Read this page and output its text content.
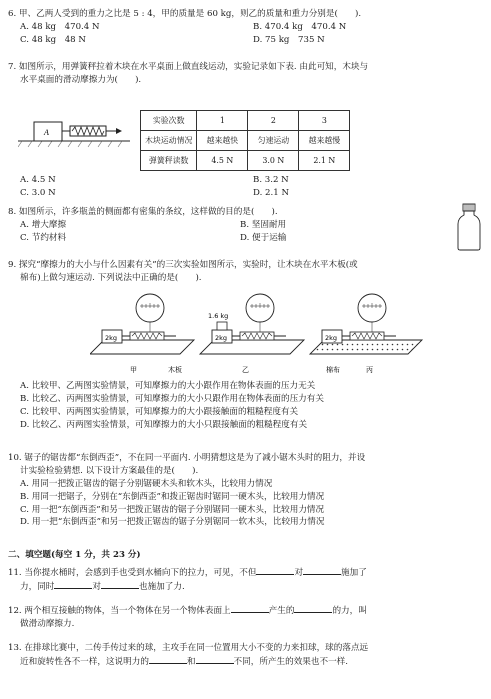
6. 甲、乙两人受到的重力之比是 5 : 4，甲的质量是 60 kg，则乙的质量和重力分别是(　　).
A. 48 kg　470.4 N	B. 470.4 kg　470.4 N
C. 48 kg　48 N	D. 75 kg　735 N
7. 如图所示，用弹簧秤拉着木块在水平桌面上做直线运动，实验记录如下表. 由此可知，木块与
水平桌面的滑动摩擦力为(　　).
A
实验次数	1	2	3
木块运动情况	越来越快	匀速运动	越来越慢
弹簧秤读数	4.5 N	3.0 N	2.1 N
A. 4.5 N	B. 3.2 N
C. 3.0 N	D. 2.1 N
8. 如图所示，许多瓶盖的侧面都有密集的条纹，这样做的目的是(　　).
A. 增大摩擦	B. 坚固耐用
C. 节约材料	D. 便于运输
9. 探究“摩擦力的大小与什么因素有关”的三次实验如图所示，实验时，让木块在水平木板(或
棉布)上做匀速运动. 下列说法中正确的是(　　).
2kg
甲	木板
2kg
1.6 kg
乙
2kg
棉布	丙
A. 比较甲、乙两图实验情景，可知摩擦力的大小跟作用在物体表面的压力无关
B. 比较乙、丙两图实验情景，可知摩擦力的大小只跟作用在物体表面的压力有关
C. 比较甲、丙两图实验情景，可知摩擦力的大小跟接触面的粗糙程度有关
D. 比较乙、丙两图实验情景，可知摩擦力的大小只跟接触面的粗糙程度有关
10. 锯子的锯齿都“东倒西歪”，不在同一平面内. 小明猜想这是为了减小锯木头时的阻力，并设
计实验检验猜想. 以下设计方案最佳的是(　　).
A. 用同一把拨正锯齿的锯子分别锯硬木头和软木头，比较用力情况
B. 用同一把锯子，分别在“东倒西歪”和拨正锯齿时锯同一硬木头，比较用力情况
C. 用一把“东倒西歪”和另一把拨正锯齿的锯子分别锯同一硬木头，比较用力情况
D. 用一把“东倒西歪”和另一把拨正锯齿的锯子分别锯同一软木头，比较用力情况
二、填空题(每空 1 分，共 23 分)
11. 当你提水桶时，会感到手也受到水桶向下的拉力，可见，不但	对	施加了
力，同时	对	也施加了力.
12. 两个相互接触的物体，当一个物体在另一个物体表面上	产生的	的力，叫
做滑动摩擦力.
13. 在排球比赛中，二传手传过来的球，主攻手在同一位置用大小不变的力来扣球，球的落点远
近和旋转性各不一样，这说明力的	和	不同，所产生的效果也不一样.
